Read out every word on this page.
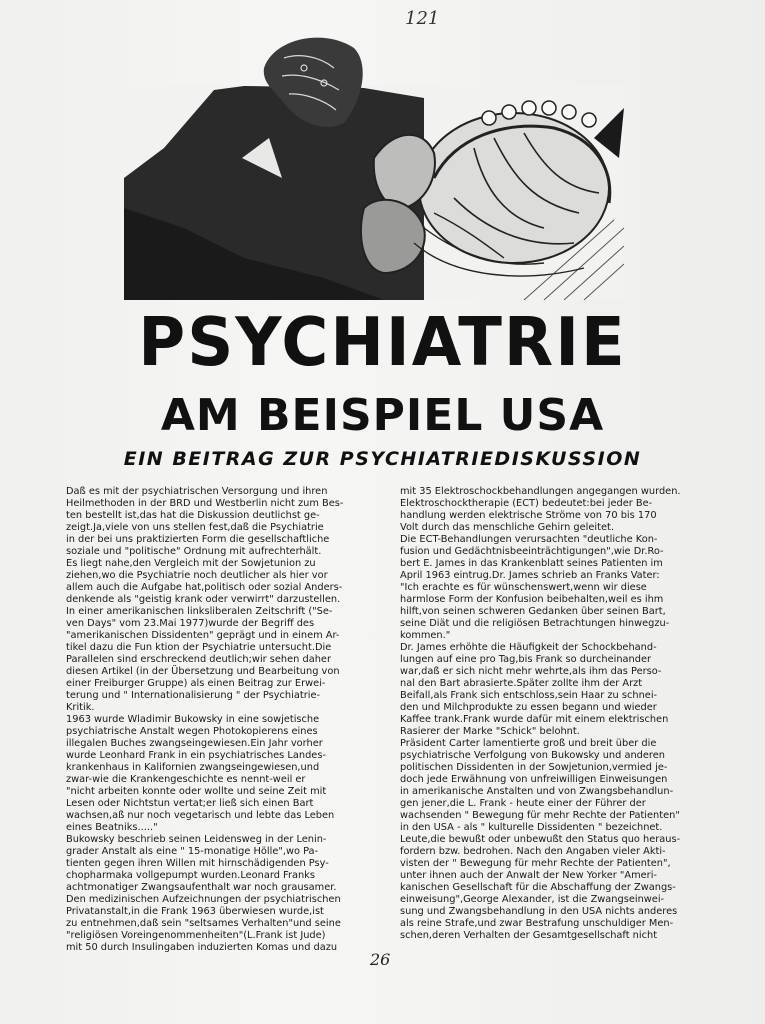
121
PSYCHIATRIE
AM BEISPIEL USA
EIN BEITRAG ZUR PSYCHIATRIEDISKUSSION

Daß es mit der psychiatrischen Versorgung und ihren
Heilmethoden in der BRD und Westberlin nicht zum Bes-
ten bestellt ist,das hat die Diskussion deutlichst ge-
zeigt.Ja,viele von uns stellen fest,daß die Psychiatrie
in der bei uns praktizierten Form die gesellschaftliche
soziale und "politische" Ordnung mit aufrechterhält.
Es liegt nahe,den Vergleich mit der Sowjetunion zu
ziehen,wo die Psychiatrie noch deutlicher als hier vor
allem auch die Aufgabe hat,politisch oder sozial Anders-
denkende als "geistig krank oder verwirrt" darzustellen.
In einer amerikanischen linksliberalen Zeitschrift ("Se-
ven Days" vom 23.Mai 1977)wurde der Begriff des
"amerikanischen Dissidenten" geprägt und in einem Ar-
tikel dazu die Fun ktion der Psychiatrie untersucht.Die
Parallelen sind erschreckend deutlich;wir sehen daher
diesen Artikel (in der Übersetzung und Bearbeitung von
einer Freiburger Gruppe) als einen Beitrag zur Erwei-
terung und " Internationalisierung " der Psychiatrie-
Kritik.

1963 wurde Wladimir Bukowsky in eine sowjetische
psychiatrische Anstalt wegen Photokopierens eines
illegalen Buches zwangseingewiesen.Ein Jahr vorher
wurde Leonhard Frank in ein psychiatrisches Landes-
krankenhaus in Kalifornien zwangseingewiesen,und
zwar-wie die Krankengeschichte es nennt-weil er
"nicht arbeiten konnte oder wollte und seine Zeit mit
Lesen oder Nichtstun vertat;er ließ sich einen Bart
wachsen,aß nur noch vegetarisch und lebte das Leben
eines Beatniks....."

Bukowsky beschrieb seinen Leidensweg in der Lenin-
grader Anstalt als eine " 15-monatige Hölle",wo Pa-
tienten gegen ihren Willen mit hirnschädigenden Psy-
chopharmaka vollgepumpt wurden.Leonard Franks
achtmonatiger Zwangsaufenthalt war noch grausamer.
Den medizinischen Aufzeichnungen der psychiatrischen
Privatanstalt,in die Frank 1963 überwiesen wurde,ist
zu entnehmen,daß sein "seltsames Verhalten"und seine
"religiösen Voreingenommenheiten"(L.Frank ist Jude)
mit 50 durch Insulingaben induzierten Komas und dazu

mit 35 Elektroschockbehandlungen angegangen wurden.
Elektroschocktherapie (ECT) bedeutet:bei jeder Be-
handlung werden elektrische Ströme von 70 bis 170
Volt durch das menschliche Gehirn geleitet.

Die ECT-Behandlungen verursachten "deutliche Kon-
fusion und Gedächtnisbeeinträchtigungen",wie Dr.Ro-
bert E. James in das Krankenblatt seines Patienten im
April 1963 eintrug.Dr. James schrieb an Franks Vater:

"Ich erachte es für wünschenswert,wenn wir diese
harmlose Form der Konfusion beibehalten,weil es ihm
hilft,von seinen schweren Gedanken über seinen Bart,
seine Diät und die religiösen Betrachtungen hinwegzu-
kommen."

Dr. James erhöhte die Häufigkeit der Schockbehand-
lungen auf eine pro Tag,bis Frank so durcheinander
war,daß er sich nicht mehr wehrte,als ihm das Perso-
nal den Bart abrasierte.Später zollte ihm der Arzt
Beifall,als Frank sich entschloss,sein Haar zu schnei-
den und Milchprodukte zu essen begann und wieder
Kaffee trank.Frank wurde dafür mit einem elektrischen
Rasierer der Marke "Schick" belohnt.

Präsident Carter lamentierte groß und breit über die
psychiatrische Verfolgung von Bukowsky und anderen
politischen Dissidenten in der Sowjetunion,vermied je-
doch jede Erwähnung von unfreiwilligen Einweisungen
in amerikanische Anstalten und von Zwangsbehandlun-
gen jener,die L. Frank - heute einer der Führer der
wachsenden " Bewegung für mehr Rechte der Patienten"
in den USA - als " kulturelle Dissidenten " bezeichnet.

Leute,die bewußt oder unbewußt den Status quo heraus-
fordern bzw. bedrohen. Nach den Angaben vieler Akti-
visten der " Bewegung für mehr Rechte der Patienten",
unter ihnen auch der Anwalt der New Yorker "Ameri-
kanischen Gesellschaft für die Abschaffung der Zwangs-
einweisung",George Alexander, ist die Zwangseinwei-
sung und Zwangsbehandlung in den USA nichts anderes
als reine Strafe,und zwar Bestrafung unschuldiger Men-
schen,deren Verhalten der Gesamtgesellschaft nicht

26
